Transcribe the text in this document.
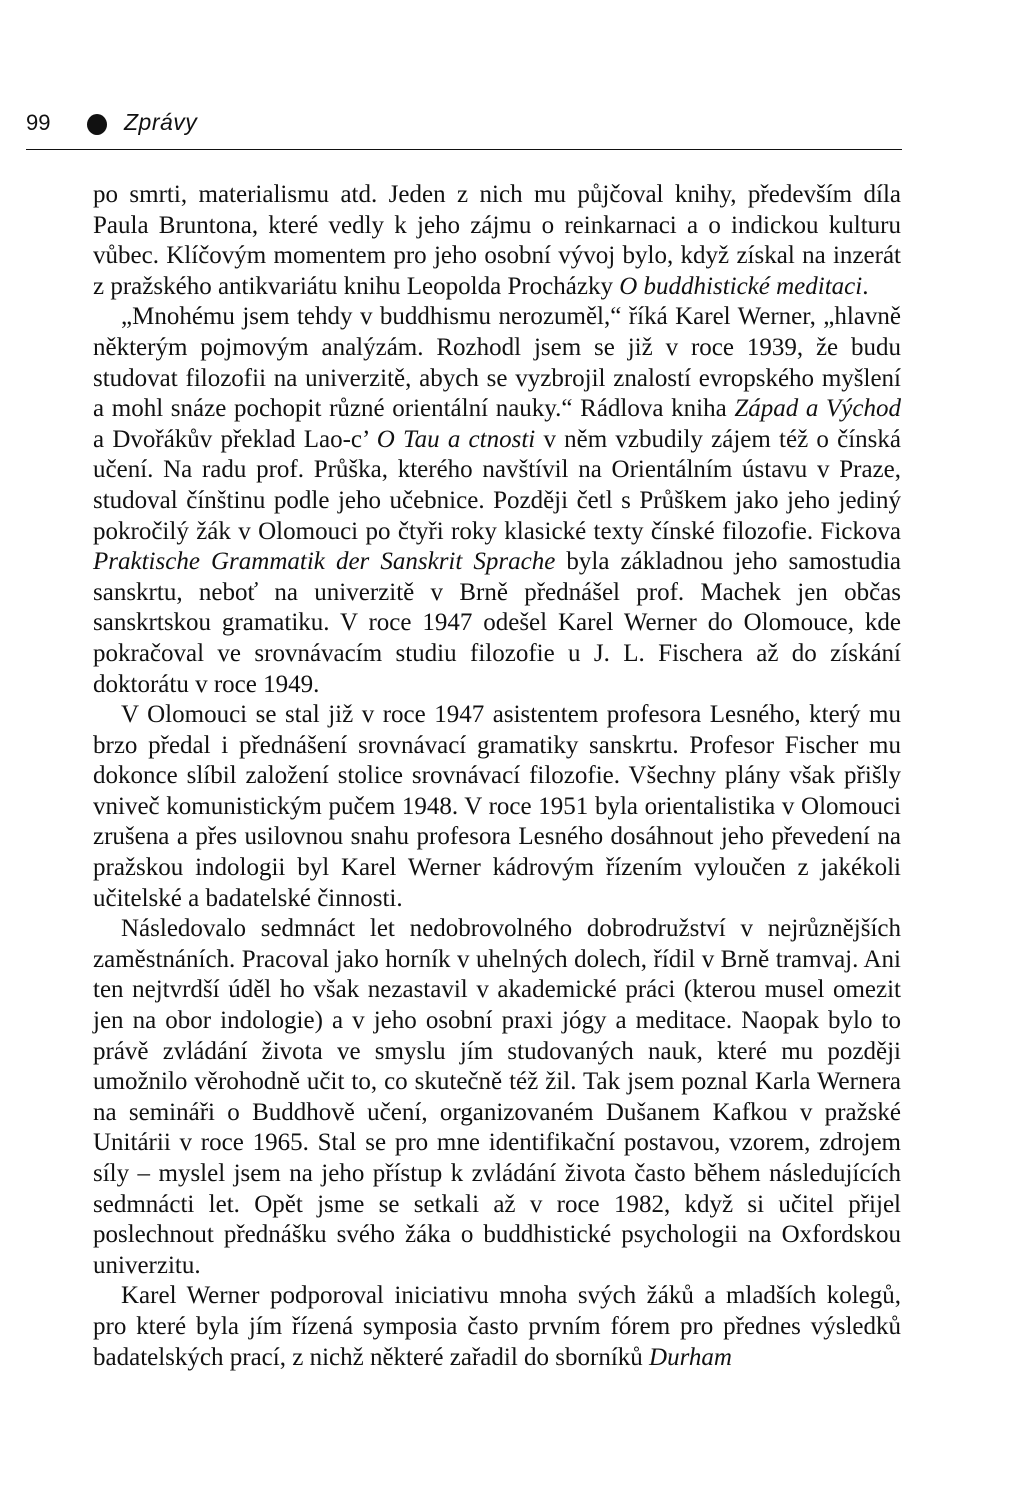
99	Zprávy

po smrti, materialismu atd. Jeden z nich mu půjčoval knihy, především díla Paula Bruntona, které vedly k jeho zájmu o reinkarnaci a o indickou kulturu vůbec. Klíčovým momentem pro jeho osobní vývoj bylo, když získal na inzerát z pražského antikvariátu knihu Leopolda Procházky O buddhistické meditaci.

„Mnohému jsem tehdy v buddhismu nerozuměl,“ říká Karel Werner, „hlavně některým pojmovým analýzám. Rozhodl jsem se již v roce 1939, že budu studovat filozofii na univerzitě, abych se vyzbrojil znalostí evropského myšlení a mohl snáze pochopit různé orientální nauky.“ Rádlova kniha Západ a Východ a Dvořákův překlad Lao-c’ O Tau a ctnosti v něm vzbudily zájem též o čínská učení. Na radu prof. Průška, kterého navštívil na Orientálním ústavu v Praze, studoval čínštinu podle jeho učebnice. Později četl s Průškem jako jeho jediný pokročilý žák v Olomouci po čtyři roky klasické texty čínské filozofie. Fickova Praktische Grammatik der Sanskrit Sprache byla základnou jeho samostudia sanskrtu, neboť na univerzitě v Brně přednášel prof. Machek jen občas sanskrtskou gramatiku. V roce 1947 odešel Karel Werner do Olomouce, kde pokračoval ve srovnávacím studiu filozofie u J. L. Fischera až do získání doktorátu v roce 1949.

V Olomouci se stal již v roce 1947 asistentem profesora Lesného, který mu brzo předal i přednášení srovnávací gramatiky sanskrtu. Profesor Fischer mu dokonce slíbil založení stolice srovnávací filozofie. Všechny plány však přišly vniveč komunistickým pučem 1948. V roce 1951 byla orientalistika v Olomouci zrušena a přes usilovnou snahu profesora Lesného dosáhnout jeho převedení na pražskou indologii byl Karel Werner kádrovým řízením vyloučen z jakékoli učitelské a badatelské činnosti.

Následovalo sedmnáct let nedobrovolného dobrodružství v nejrůznějších zaměstnáních. Pracoval jako horník v uhelných dolech, řídil v Brně tramvaj. Ani ten nejtvrdší úděl ho však nezastavil v akademické práci (kterou musel omezit jen na obor indologie) a v jeho osobní praxi jógy a meditace. Naopak bylo to právě zvládání života ve smyslu jím studovaných nauk, které mu později umožnilo věrohodně učit to, co skutečně též žil. Tak jsem poznal Karla Wernera na semináři o Buddhově učení, organizovaném Dušanem Kafkou v pražské Unitárii v roce 1965. Stal se pro mne identifikační postavou, vzorem, zdrojem síly – myslel jsem na jeho přístup k zvládání života často během následujících sedmnácti let. Opět jsme se setkali až v roce 1982, když si učitel přijel poslechnout přednášku svého žáka o buddhistické psychologii na Oxfordskou univerzitu.

Karel Werner podporoval iniciativu mnoha svých žáků a mladších kolegů, pro které byla jím řízená symposia často prvním fórem pro přednes výsledků badatelských prací, z nichž některé zařadil do sborníků Durham
